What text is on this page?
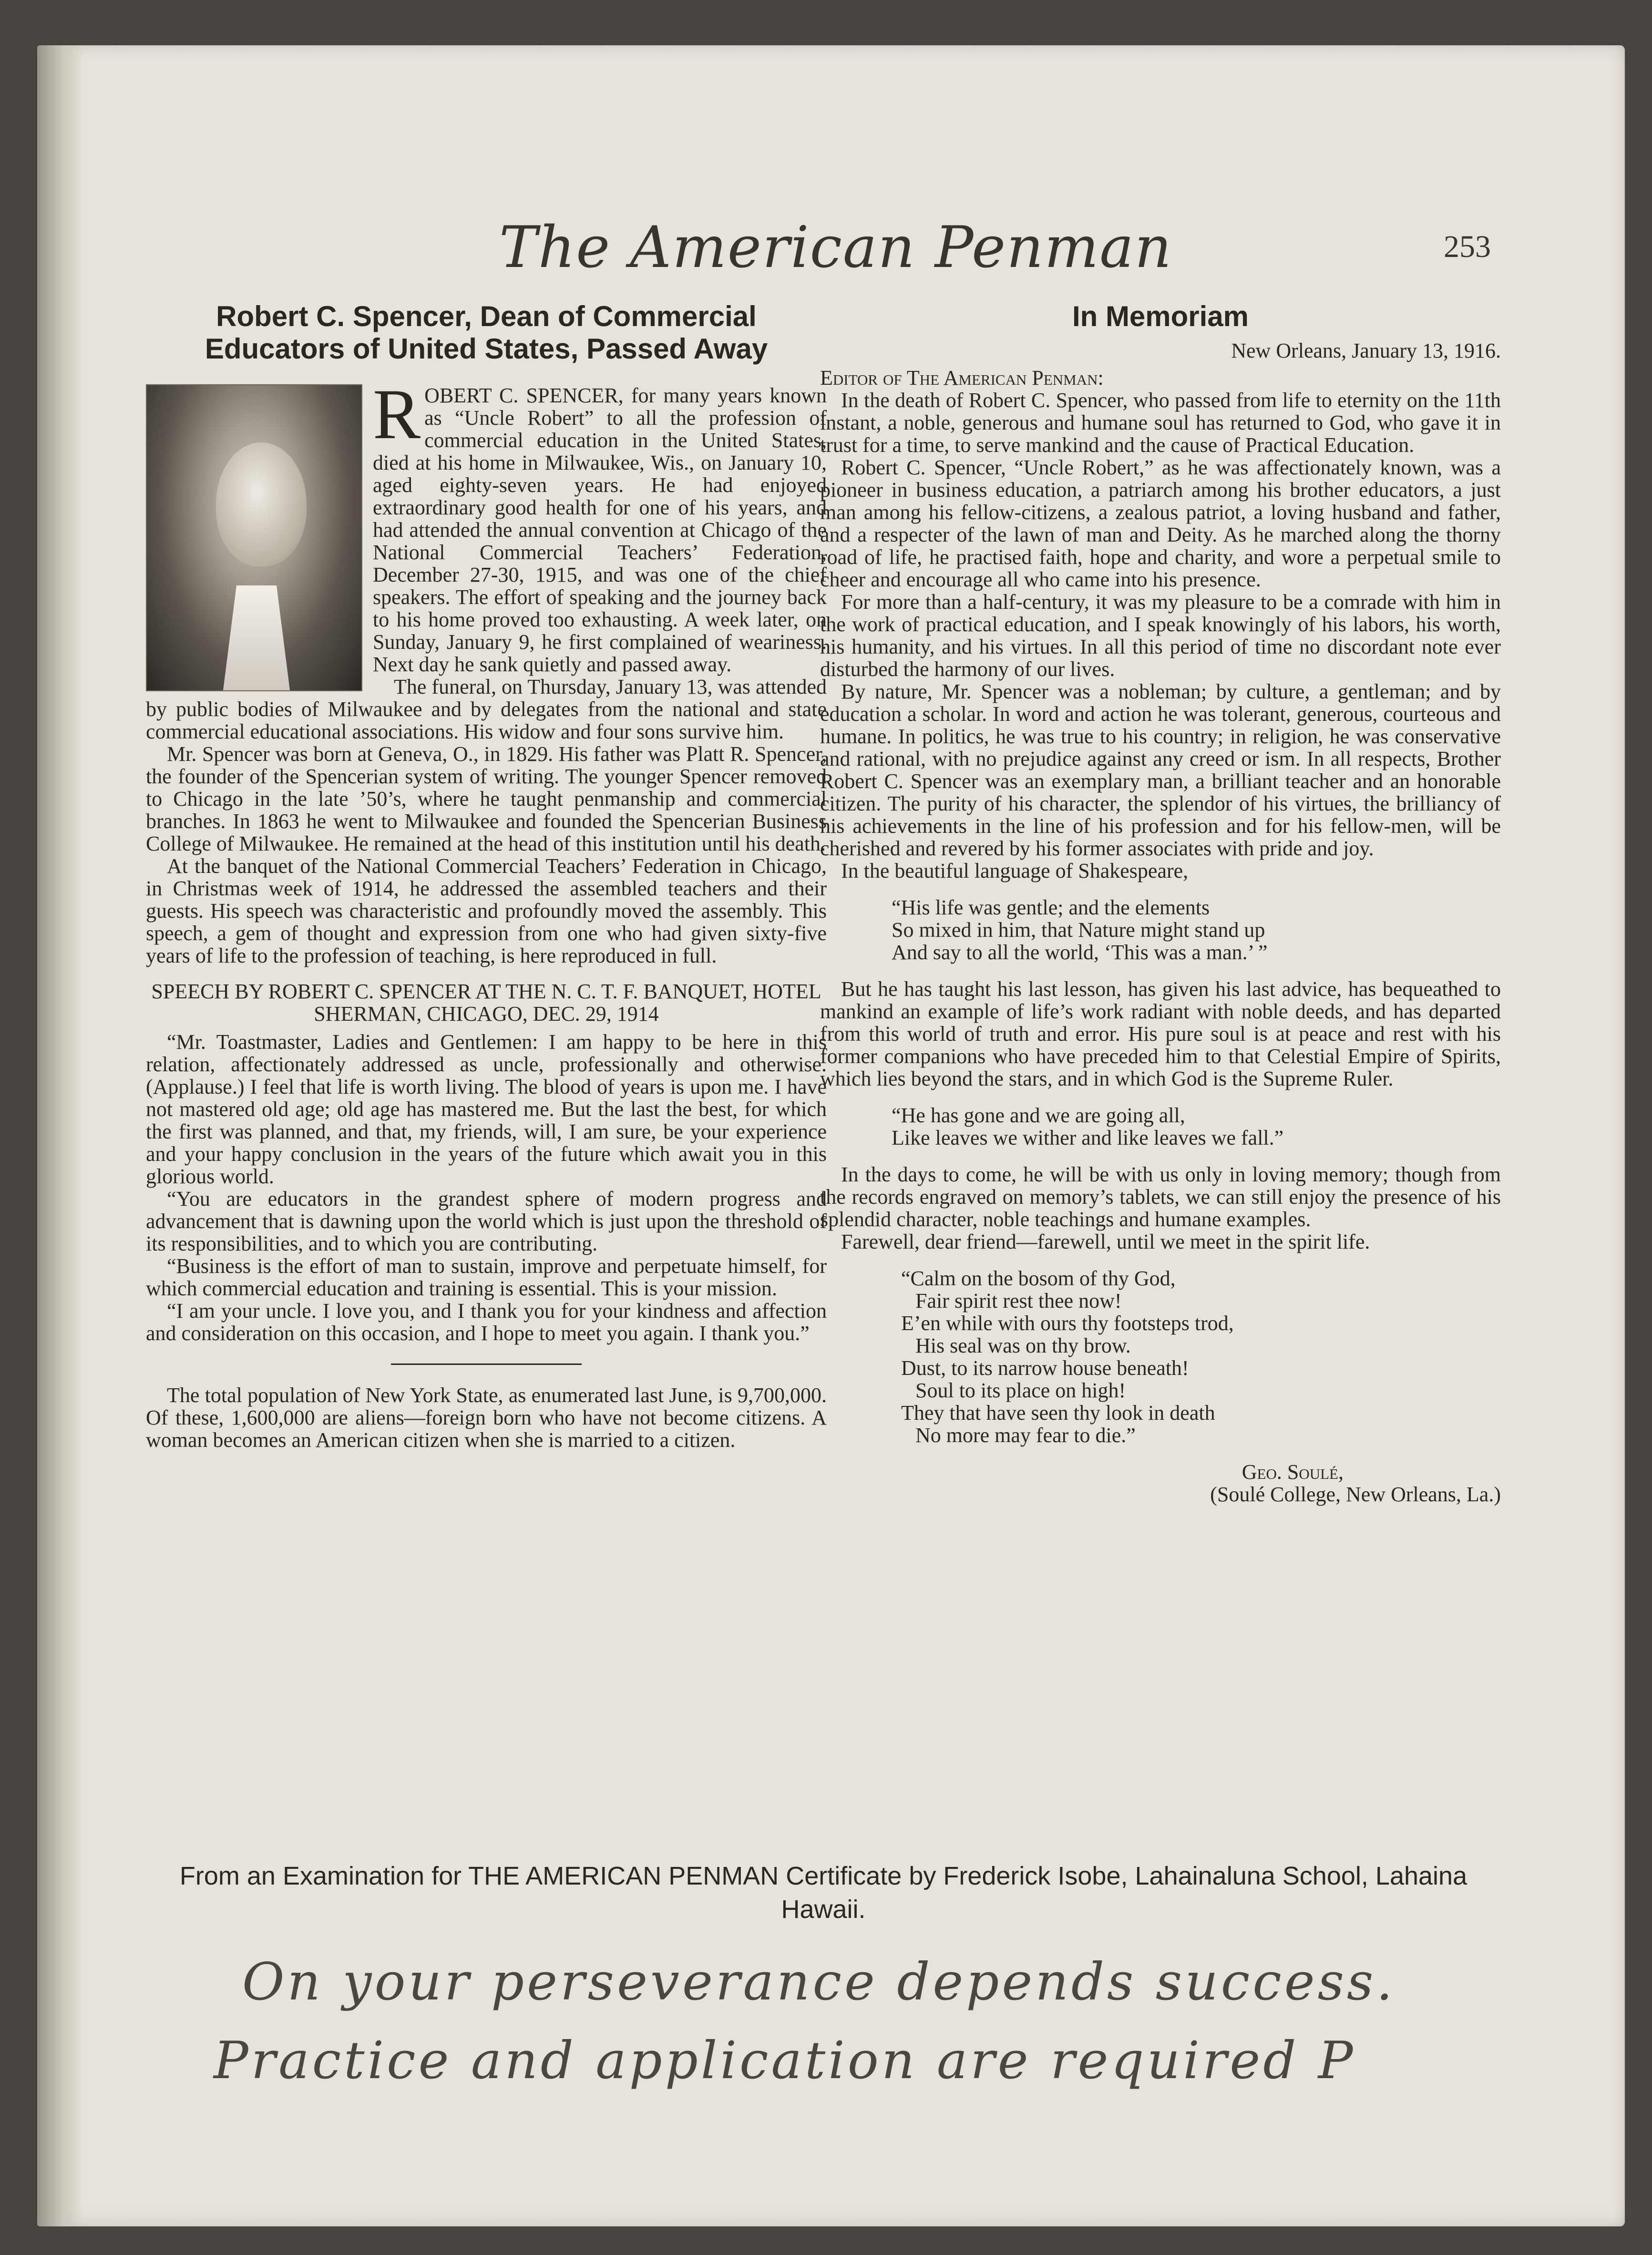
The American Penman	253
Robert C. Spencer, Dean of Commercial Educators of United States, Passed Away

ROBERT C. SPENCER, for many years known as “Uncle Robert” to all the profession of commercial education in the United States, died at his home in Milwaukee, Wis., on January 10, aged eighty-seven years. He had enjoyed extraordinary good health for one of his years, and had attended the annual convention at Chicago of the National Commercial Teachers’ Federation, December 27-30, 1915, and was one of the chief speakers. The effort of speaking and the journey back to his home proved too exhausting. A week later, on Sunday, January 9, he first complained of weariness. Next day he sank quietly and passed away.

The funeral, on Thursday, January 13, was attended by public bodies of Milwaukee and by delegates from the national and state commercial educational associations. His widow and four sons survive him.

Mr. Spencer was born at Geneva, O., in 1829. His father was Platt R. Spencer, the founder of the Spencerian system of writing. The younger Spencer removed to Chicago in the late ’50’s, where he taught penmanship and commercial branches. In 1863 he went to Milwaukee and founded the Spencerian Business College of Milwaukee. He remained at the head of this institution until his death.

At the banquet of the National Commercial Teachers’ Federation in Chicago, in Christmas week of 1914, he addressed the assembled teachers and their guests. His speech was characteristic and profoundly moved the assembly. This speech, a gem of thought and expression from one who had given sixty-five years of life to the profession of teaching, is here reproduced in full.

SPEECH BY ROBERT C. SPENCER AT THE N. C. T. F. BANQUET, HOTEL SHERMAN, CHICAGO, DEC. 29, 1914

“Mr. Toastmaster, Ladies and Gentlemen: I am happy to be here in this relation, affectionately addressed as uncle, professionally and otherwise. (Applause.) I feel that life is worth living. The blood of years is upon me. I have not mastered old age; old age has mastered me. But the last the best, for which the first was planned, and that, my friends, will, I am sure, be your experience and your happy conclusion in the years of the future which await you in this glorious world.

“You are educators in the grandest sphere of modern progress and advancement that is dawning upon the world which is just upon the threshold of its responsibilities, and to which you are contributing.

“Business is the effort of man to sustain, improve and perpetuate himself, for which commercial education and training is essential. This is your mission.

“I am your uncle. I love you, and I thank you for your kindness and affection and consideration on this occasion, and I hope to meet you again. I thank you.”

The total population of New York State, as enumerated last June, is 9,700,000. Of these, 1,600,000 are aliens—foreign born who have not become citizens. A woman becomes an American citizen when she is married to a citizen.

In Memoriam

New Orleans, January 13, 1916.

Editor of The American Penman:

In the death of Robert C. Spencer, who passed from life to eternity on the 11th instant, a noble, generous and humane soul has returned to God, who gave it in trust for a time, to serve mankind and the cause of Practical Education.

Robert C. Spencer, “Uncle Robert,” as he was affectionately known, was a pioneer in business education, a patriarch among his brother educators, a just man among his fellow-citizens, a zealous patriot, a loving husband and father, and a respecter of the lawn of man and Deity. As he marched along the thorny road of life, he practised faith, hope and charity, and wore a perpetual smile to cheer and encourage all who came into his presence.

For more than a half-century, it was my pleasure to be a comrade with him in the work of practical education, and I speak knowingly of his labors, his worth, his humanity, and his virtues. In all this period of time no discordant note ever disturbed the harmony of our lives.

By nature, Mr. Spencer was a nobleman; by culture, a gentleman; and by education a scholar. In word and action he was tolerant, generous, courteous and humane. In politics, he was true to his country; in religion, he was conservative and rational, with no prejudice against any creed or ism. In all respects, Brother Robert C. Spencer was an exemplary man, a brilliant teacher and an honorable citizen. The purity of his character, the splendor of his virtues, the brilliancy of his achievements in the line of his profession and for his fellow-men, will be cherished and revered by his former associates with pride and joy.

In the beautiful language of Shakespeare,

“His life was gentle; and the elements
So mixed in him, that Nature might stand up
And say to all the world, ‘This was a man.’ ”

But he has taught his last lesson, has given his last advice, has bequeathed to mankind an example of life’s work radiant with noble deeds, and has departed from this world of truth and error. His pure soul is at peace and rest with his former companions who have preceded him to that Celestial Empire of Spirits, which lies beyond the stars, and in which God is the Supreme Ruler.

“He has gone and we are going all,
Like leaves we wither and like leaves we fall.”

In the days to come, he will be with us only in loving memory; though from the records engraved on memory’s tablets, we can still enjoy the presence of his splendid character, noble teachings and humane examples.

Farewell, dear friend—farewell, until we meet in the spirit life.

“Calm on the bosom of thy God,
Fair spirit rest thee now!
E’en while with ours thy footsteps trod,
His seal was on thy brow.
Dust, to its narrow house beneath!
Soul to its place on high!
They that have seen thy look in death
No more may fear to die.”

Geo. Soulé,

(Soulé College, New Orleans, La.)

From an Examination for THE AMERICAN PENMAN Certificate by Frederick Isobe, Lahainaluna School, Lahaina Hawaii.
On your perseverance depends success.
Practice and application are required P
